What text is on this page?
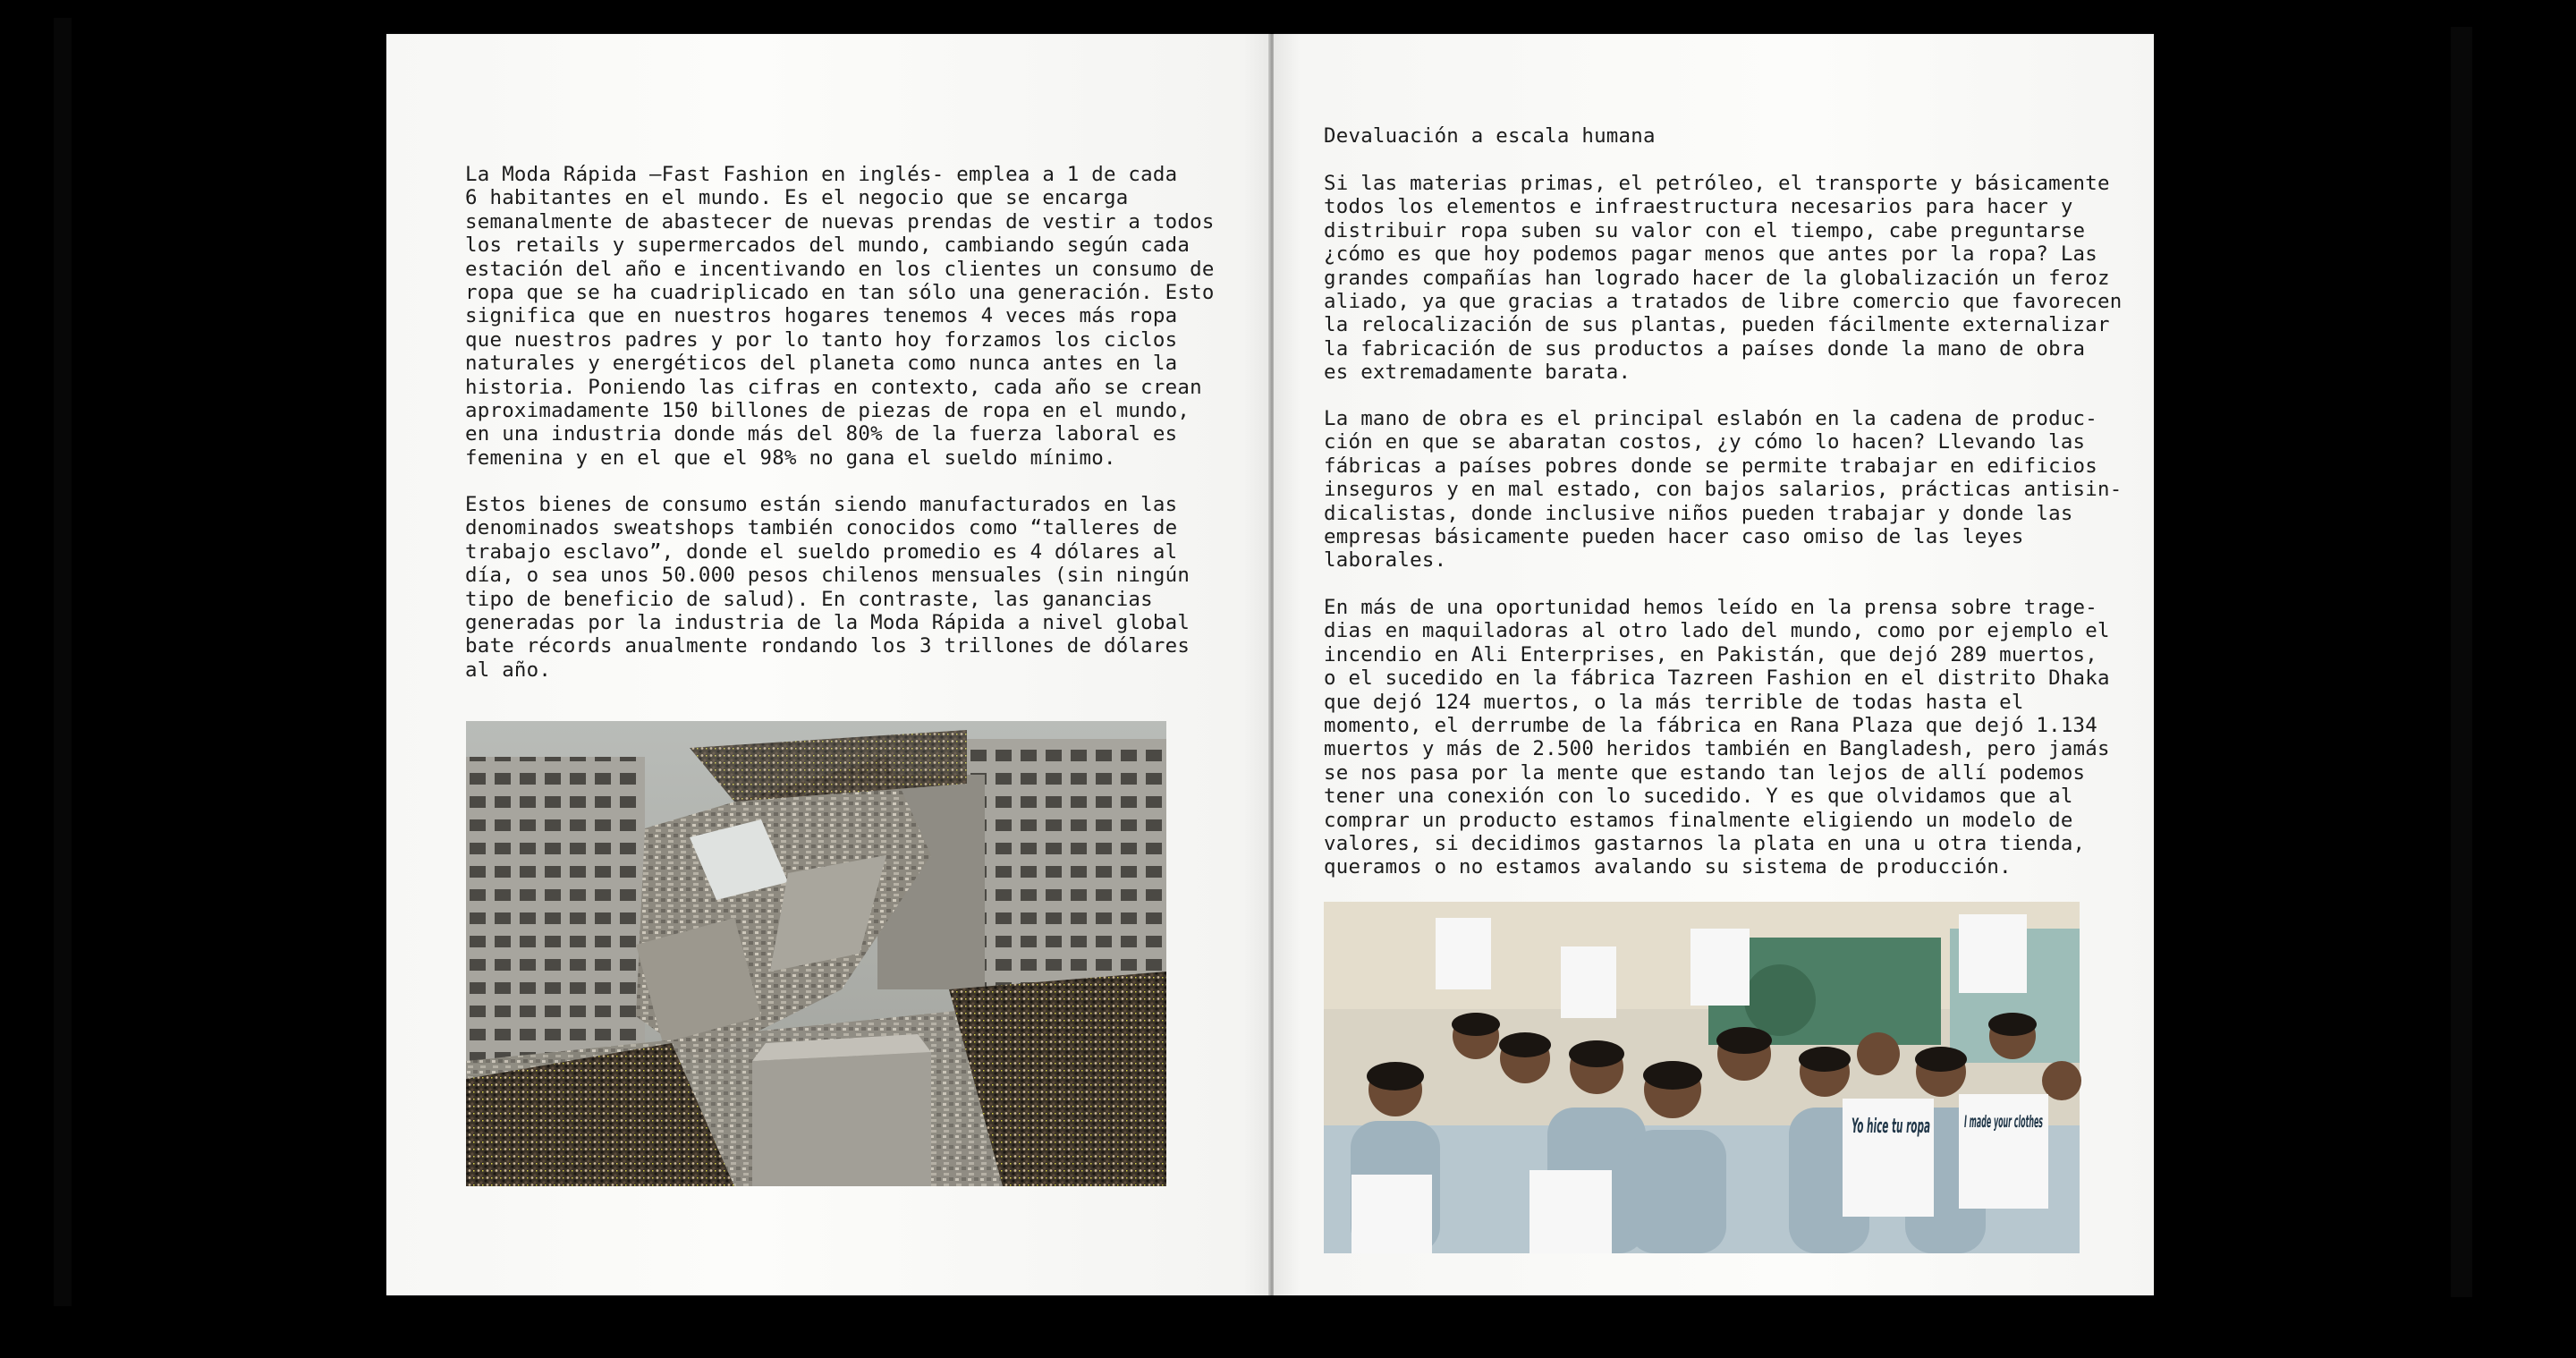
La Moda Rápida –Fast Fashion en inglés- emplea a 1 de cada
6 habitantes en el mundo. Es el negocio que se encarga
semanalmente de abastecer de nuevas prendas de vestir a todos
los retails y supermercados del mundo, cambiando según cada
estación del año e incentivando en los clientes un consumo de
ropa que se ha cuadriplicado en tan sólo una generación. Esto
significa que en nuestros hogares tenemos 4 veces más ropa
que nuestros padres y por lo tanto hoy forzamos los ciclos
naturales y energéticos del planeta como nunca antes en la
historia. Poniendo las cifras en contexto, cada año se crean
aproximadamente 150 billones de piezas de ropa en el mundo,
en una industria donde más del 80% de la fuerza laboral es
femenina y en el que el 98% no gana el sueldo mínimo.
Estos bienes de consumo están siendo manufacturados en las
denominados sweatshops también conocidos como “talleres de
trabajo esclavo”, donde el sueldo promedio es 4 dólares al
día, o sea unos 50.000 pesos chilenos mensuales (sin ningún
tipo de beneficio de salud). En contraste, las ganancias
generadas por la industria de la Moda Rápida a nivel global
bate récords anualmente rondando los 3 trillones de dólares
al año.
Devaluación a escala humana
Si las materias primas, el petróleo, el transporte y básicamente
todos los elementos e infraestructura necesarios para hacer y
distribuir ropa suben su valor con el tiempo, cabe preguntarse
¿cómo es que hoy podemos pagar menos que antes por la ropa? Las
grandes compañías han logrado hacer de la globalización un feroz
aliado, ya que gracias a tratados de libre comercio que favorecen
la relocalización de sus plantas, pueden fácilmente externalizar
la fabricación de sus productos a países donde la mano de obra
es extremadamente barata.
La mano de obra es el principal eslabón en la cadena de produc-
ción en que se abaratan costos, ¿y cómo lo hacen? Llevando las
fábricas a países pobres donde se permite trabajar en edificios
inseguros y en mal estado, con bajos salarios, prácticas antisin-
dicalistas, donde inclusive niños pueden trabajar y donde las
empresas básicamente pueden hacer caso omiso de las leyes
laborales.
En más de una oportunidad hemos leído en la prensa sobre trage-
dias en maquiladoras al otro lado del mundo, como por ejemplo el
incendio en Ali Enterprises, en Pakistán, que dejó 289 muertos,
o el sucedido en la fábrica Tazreen Fashion en el distrito Dhaka
que dejó 124 muertos, o la más terrible de todas hasta el
momento, el derrumbe de la fábrica en Rana Plaza que dejó 1.134
muertos y más de 2.500 heridos también en Bangladesh, pero jamás
se nos pasa por la mente que estando tan lejos de allí podemos
tener una conexión con lo sucedido. Y es que olvidamos que al
comprar un producto estamos finalmente eligiendo un modelo de
valores, si decidimos gastarnos la plata en una u otra tienda,
queramos o no estamos avalando su sistema de producción.
Yo hice tu ropa I made your clothes
